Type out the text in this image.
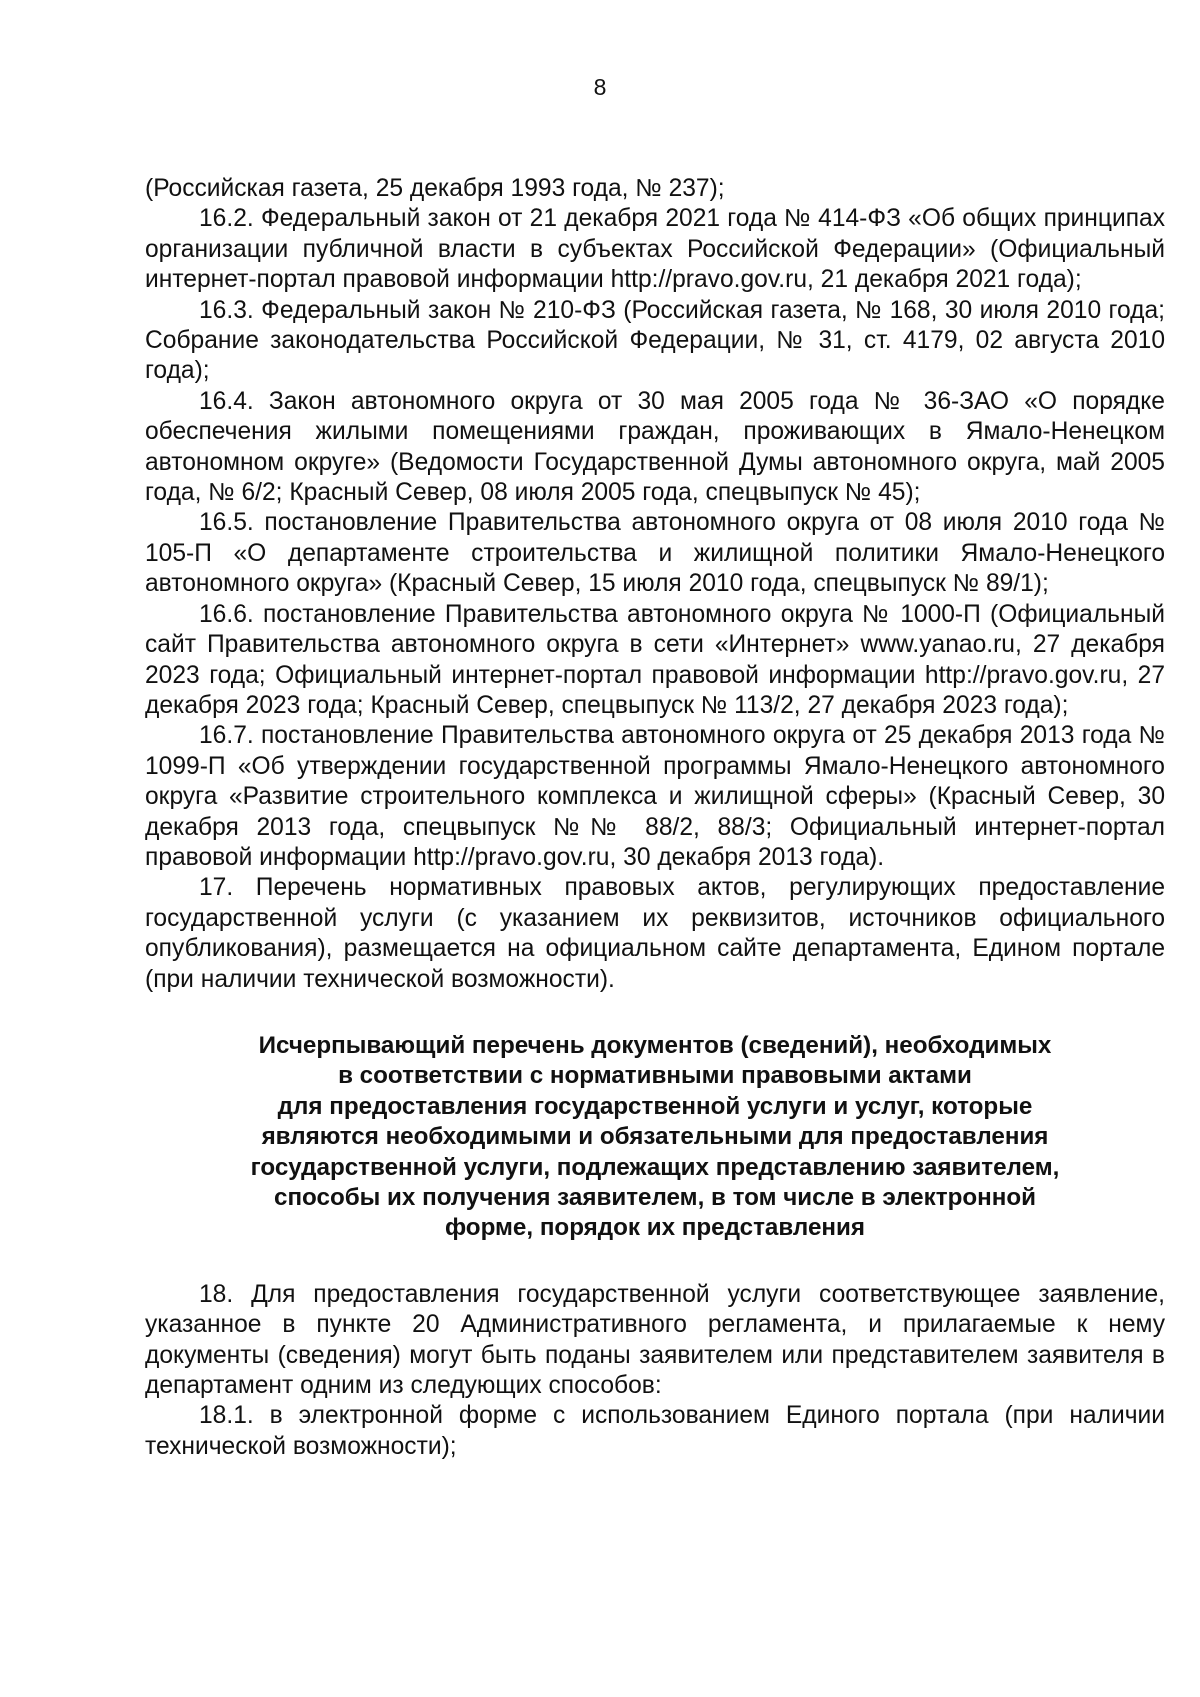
8

(Российская газета, 25 декабря 1993 года, № 237);

16.2. Федеральный закон от 21 декабря 2021 года № 414-ФЗ «Об общих принципах организации публичной власти в субъектах Российской Федерации» (Официальный интернет-портал правовой информации http://pravo.gov.ru, 21 декабря 2021 года);

16.3. Федеральный закон № 210-ФЗ (Российская газета, № 168, 30 июля 2010 года; Собрание законодательства Российской Федерации, № 31, ст. 4179, 02 августа 2010 года);

16.4. Закон автономного округа от 30 мая 2005 года № 36-ЗАО «О порядке обеспечения жилыми помещениями граждан, проживающих в Ямало-Ненецком автономном округе» (Ведомости Государственной Думы автономного округа, май 2005 года, № 6/2; Красный Север, 08 июля 2005 года, спецвыпуск № 45);

16.5. постановление Правительства автономного округа от 08 июля 2010 года № 105-П «О департаменте строительства и жилищной политики Ямало-Ненецкого автономного округа» (Красный Север, 15 июля 2010 года, спецвыпуск № 89/1);

16.6. постановление Правительства автономного округа № 1000-П (Официальный сайт Правительства автономного округа в сети «Интернет» www.yanao.ru, 27 декабря 2023 года; Официальный интернет-портал правовой информации http://pravo.gov.ru, 27 декабря 2023 года; Красный Север, спецвыпуск № 113/2, 27 декабря 2023 года);

16.7. постановление Правительства автономного округа от 25 декабря 2013 года № 1099-П «Об утверждении государственной программы Ямало-Ненецкого автономного округа «Развитие строительного комплекса и жилищной сферы» (Красный Север, 30 декабря 2013 года, спецвыпуск №№ 88/2, 88/3; Официальный интернет-портал правовой информации http://pravo.gov.ru, 30 декабря 2013 года).

17. Перечень нормативных правовых актов, регулирующих предоставление государственной услуги (с указанием их реквизитов, источников официального опубликования), размещается на официальном сайте департамента, Едином портале (при наличии технической возможности).

Исчерпывающий перечень документов (сведений), необходимых
в соответствии с нормативными правовыми актами
для предоставления государственной услуги и услуг, которые
являются необходимыми и обязательными для предоставления
государственной услуги, подлежащих представлению заявителем,
способы их получения заявителем, в том числе в электронной
форме, порядок их представления

18. Для предоставления государственной услуги соответствующее заявление, указанное в пункте 20 Административного регламента, и прилагаемые к нему документы (сведения) могут быть поданы заявителем или представителем заявителя в департамент одним из следующих способов:

18.1. в электронной форме с использованием Единого портала (при наличии технической возможности);
